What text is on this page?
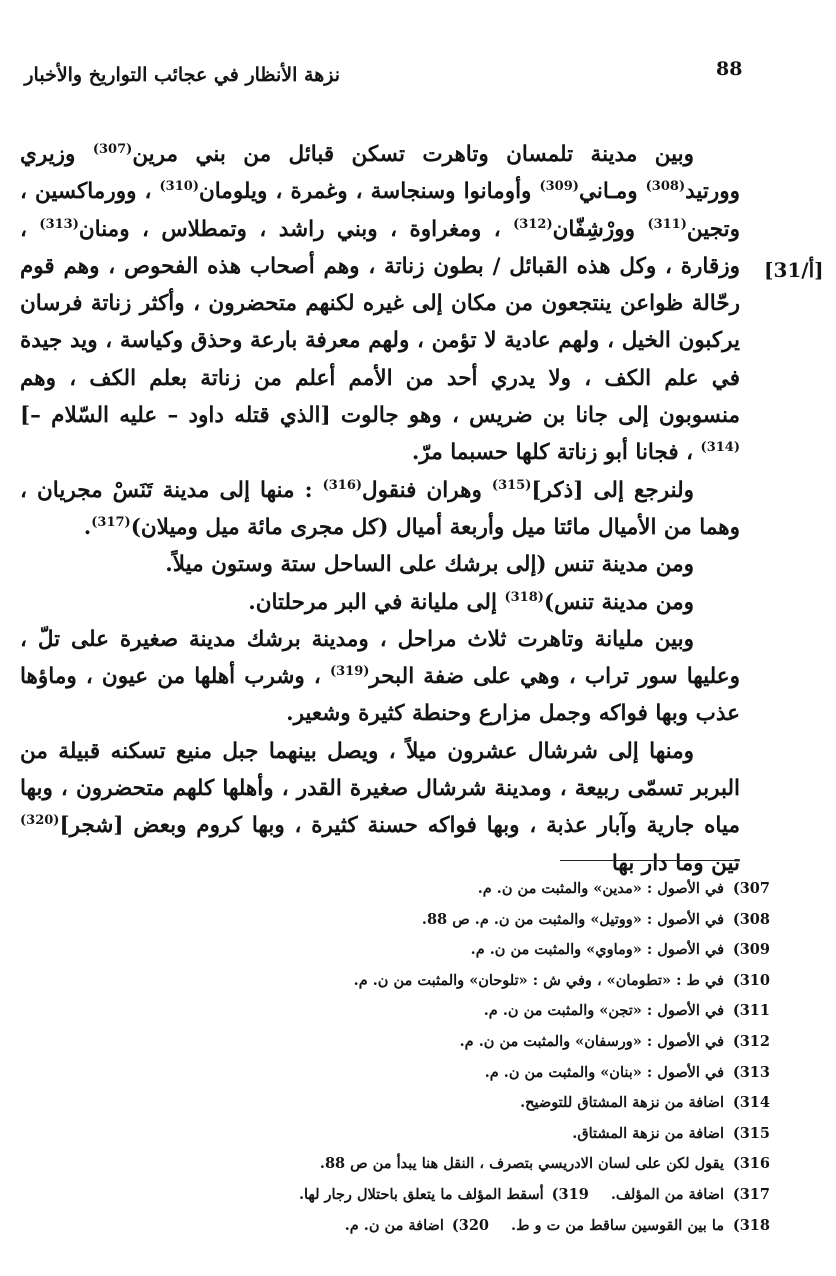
88
نزهة الأنظار في عجائب التواريخ والأخبار
[31/أ]

وبين مدينة تلمسان وتاهرت تسكن قبائل من بني مرين$^{(307)}$ وزيري وورتيد$^{(308)}$ ومـاني$^{(309)}$ وأومانوا وسنجاسة ، وغمرة ، ويلومان$^{(310)}$ ، وورماكسين ، وتجين$^{(311)}$ وورْشِفّان$^{(312)}$ ، ومغراوة ، وبني راشد ، وتمطلاس ، ومنان$^{(313)}$ ، وزقارة ، وكل هذه القبائل / بطون زناتة ، وهم أصحاب هذه الفحوص ، وهم قوم رحّالة ظواعن ينتجعون من مكان إلى غيره لكنهم متحضرون ، وأكثر زناتة فرسان يركبون الخيل ، ولهم عادية لا تؤمن ، ولهم معرفة بارعة وحذق وكياسة ، ويد جيدة في علم الكف ، ولا يدري أحد من الأمم أعلم من زناتة بعلم الكف ، وهم منسوبون إلى جانا بن ضريس ، وهو جالوت [الذي قتله داود – عليه السّلام –]$^{(314)}$ ، فجانا أبو زناتة كلها حسبما مرّ.

ولنرجع إلى [ذكر]$^{(315)}$ وهران فنقول$^{(316)}$ : منها إلى مدينة تَنَسْ مجريان ، وهما من الأميال مائتا ميل وأربعة أميال (كل مجرى مائة ميل وميلان)$^{(317)}$.

ومن مدينة تنس (إلى برشك على الساحل ستة وستون ميلاً.

ومن مدينة تنس)$^{(318)}$ إلى مليانة في البر مرحلتان.

وبين مليانة وتاهرت ثلاث مراحل ، ومدينة برشك مدينة صغيرة على تلّ ، وعليها سور تراب ، وهي على ضفة البحر$^{(319)}$ ، وشرب أهلها من عيون ، وماؤها عذب وبها فواكه وجمل مزارع وحنطة كثيرة وشعير.

ومنها إلى شرشال عشرون ميلاً ، ويصل بينهما جبل منيع تسكنه قبيلة من البربر تسمّى ربيعة ، ومدينة شرشال صغيرة القدر ، وأهلها كلهم متحضرون ، وبها مياه جارية وآبار عذبة ، وبها فواكه حسنة كثيرة ، وبها كروم وبعض [شجر]$^{(320)}$ تين وما دار بها

307)
في الأصول : «مدين» والمثبت من ن. م.
308)
في الأصول : «ووتيل» والمثبت من ن. م. ص 88.
309)
في الأصول : «وماوي» والمثبت من ن. م.
310)
في ط : «تطومان» ، وفي ش : «تلوحان» والمثبت من ن. م.
311)
في الأصول : «تجن» والمثبت من ن. م.
312)
في الأصول : «ورسفان» والمثبت من ن. م.
313)
في الأصول : «بنان» والمثبت من ن. م.
314)
اضافة من نزهة المشتاق للتوضيح.
315)
اضافة من نزهة المشتاق.
316)
يقول لكن على لسان الادريسي بتصرف ، النقل هنا يبدأ من ص 88.
317)
اضافة من المؤلف.
319)
أسقط المؤلف ما يتعلق باحتلال رجار لها.
318)
ما بين القوسين ساقط من ت و ط.
320)
اضافة من ن. م.
